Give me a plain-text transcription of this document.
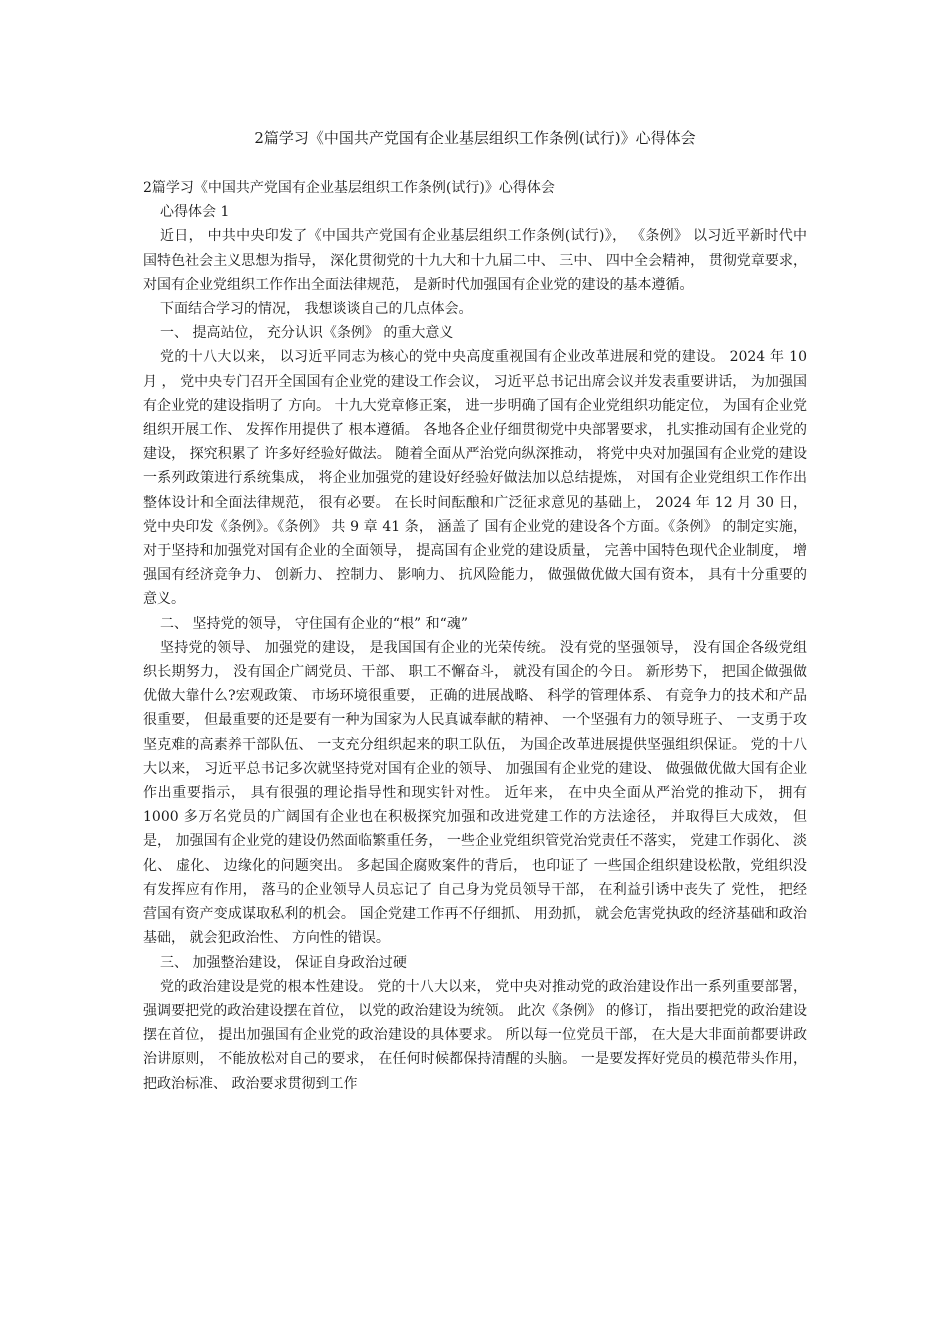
2篇学习《中国共产党国有企业基层组织工作条例(试行)》心得体会

2篇学习《中国共产党国有企业基层组织工作条例(试行)》心得体会

心得体会 1

近日， 中共中央印发了《中国共产党国有企业基层组织工作条例(试行)》， 《条例》 以习近平新时代中国特色社会主义思想为指导， 深化贯彻党的十九大和十九届二中、 三中、 四中全会精神， 贯彻党章要求， 对国有企业党组织工作作出全面法律规范， 是新时代加强国有企业党的建设的基本遵循。

下面结合学习的情况， 我想谈谈自己的几点体会。

一、 提高站位， 充分认识《条例》 的重大意义

党的十八大以来， 以习近平同志为核心的党中央高度重视国有企业改革进展和党的建设。 2024 年 10 月 ， 党中央专门召开全国国有企业党的建设工作会议， 习近平总书记出席会议并发表重要讲话， 为加强国有企业党的建设指明了 方向。 十九大党章修正案， 进一步明确了国有企业党组织功能定位， 为国有企业党组织开展工作、 发挥作用提供了 根本遵循。 各地各企业仔细贯彻党中央部署要求， 扎实推动国有企业党的建设， 探究积累了 许多好经验好做法。 随着全面从严治党向纵深推动， 将党中央对加强国有企业党的建设一系列政策进行系统集成， 将企业加强党的建设好经验好做法加以总结提炼， 对国有企业党组织工作作出整体设计和全面法律规范， 很有必要。 在长时间酝酿和广泛征求意见的基础上， 2024 年 12 月 30 日， 党中央印发《条例》。《条例》 共 9 章 41 条， 涵盖了 国有企业党的建设各个方面。《条例》 的制定实施， 对于坚持和加强党对国有企业的全面领导， 提高国有企业党的建设质量， 完善中国特色现代企业制度， 增强国有经济竞争力、 创新力、 控制力、 影响力、 抗风险能力， 做强做优做大国有资本， 具有十分重要的意义。

二、 坚持党的领导， 守住国有企业的“根” 和“魂”

坚持党的领导、 加强党的建设， 是我国国有企业的光荣传统。 没有党的坚强领导， 没有国企各级党组织长期努力， 没有国企广阔党员、干部、 职工不懈奋斗， 就没有国企的今日。 新形势下， 把国企做强做优做大靠什么?宏观政策、 市场环境很重要， 正确的进展战略、 科学的管理体系、 有竞争力的技术和产品很重要， 但最重要的还是要有一种为国家为人民真诚奉献的精神、 一个坚强有力的领导班子、 一支勇于攻坚克难的高素养干部队伍、 一支充分组织起来的职工队伍， 为国企改革进展提供坚强组织保证。 党的十八大以来， 习近平总书记多次就坚持党对国有企业的领导、 加强国有企业党的建设、 做强做优做大国有企业作出重要指示， 具有很强的理论指导性和现实针对性。 近年来， 在中央全面从严治党的推动下， 拥有 1000 多万名党员的广阔国有企业也在积极探究加强和改进党建工作的方法途径， 并取得巨大成效， 但是， 加强国有企业党的建设仍然面临繁重任务， 一些企业党组织管党治党责任不落实， 党建工作弱化、 淡化、 虚化、 边缘化的问题突出。 多起国企腐败案件的背后， 也印证了 一些国企组织建设松散，党组织没有发挥应有作用， 落马的企业领导人员忘记了 自己身为党员领导干部， 在利益引诱中丧失了 党性， 把经营国有资产变成谋取私利的机会。 国企党建工作再不仔细抓、 用劲抓， 就会危害党执政的经济基础和政治基础， 就会犯政治性、 方向性的错误。

三、 加强整治建设， 保证自身政治过硬

党的政治建设是党的根本性建设。 党的十八大以来， 党中央对推动党的政治建设作出一系列重要部署， 强调要把党的政治建设摆在首位， 以党的政治建设为统领。 此次《条例》 的修订， 指出要把党的政治建设摆在首位， 提出加强国有企业党的政治建设的具体要求。 所以每一位党员干部， 在大是大非面前都要讲政治讲原则， 不能放松对自己的要求， 在任何时候都保持清醒的头脑。 一是要发挥好党员的模范带头作用， 把政治标准、 政治要求贯彻到工作
